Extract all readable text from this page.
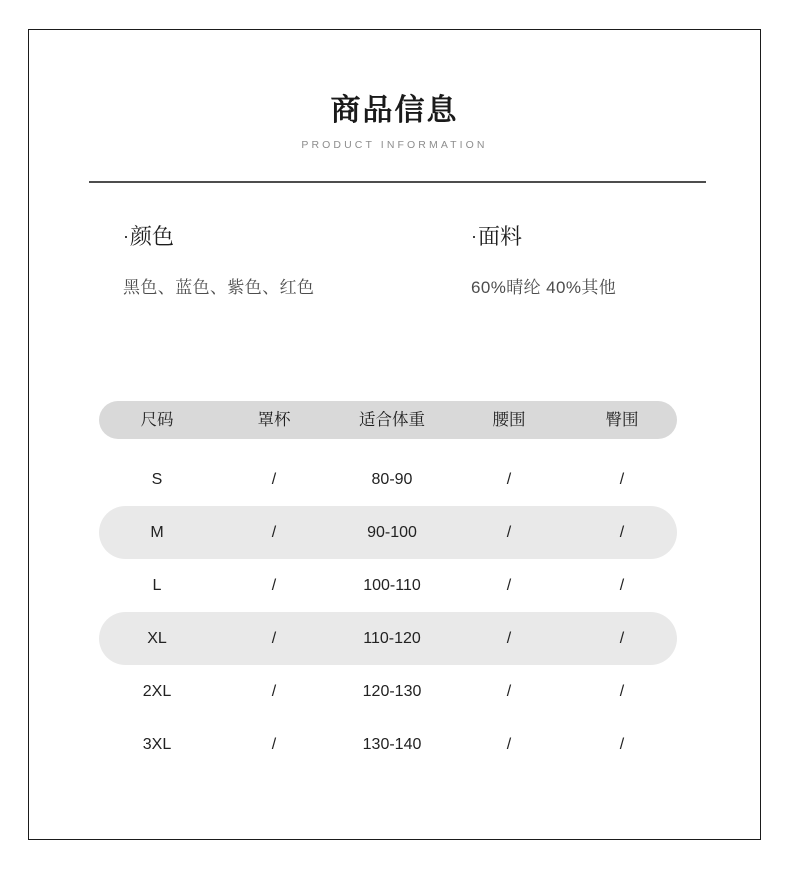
商品信息
PRODUCT INFORMATION
·颜色
黑色、蓝色、紫色、红色
·面料
60%晴纶 40%其他
尺码	罩杯	适合体重	腰围	臀围
S	/	80-90	/	/
M	/	90-100	/	/
L	/	100-110	/	/
XL	/	110-120	/	/
2XL	/	120-130	/	/
3XL	/	130-140	/	/
